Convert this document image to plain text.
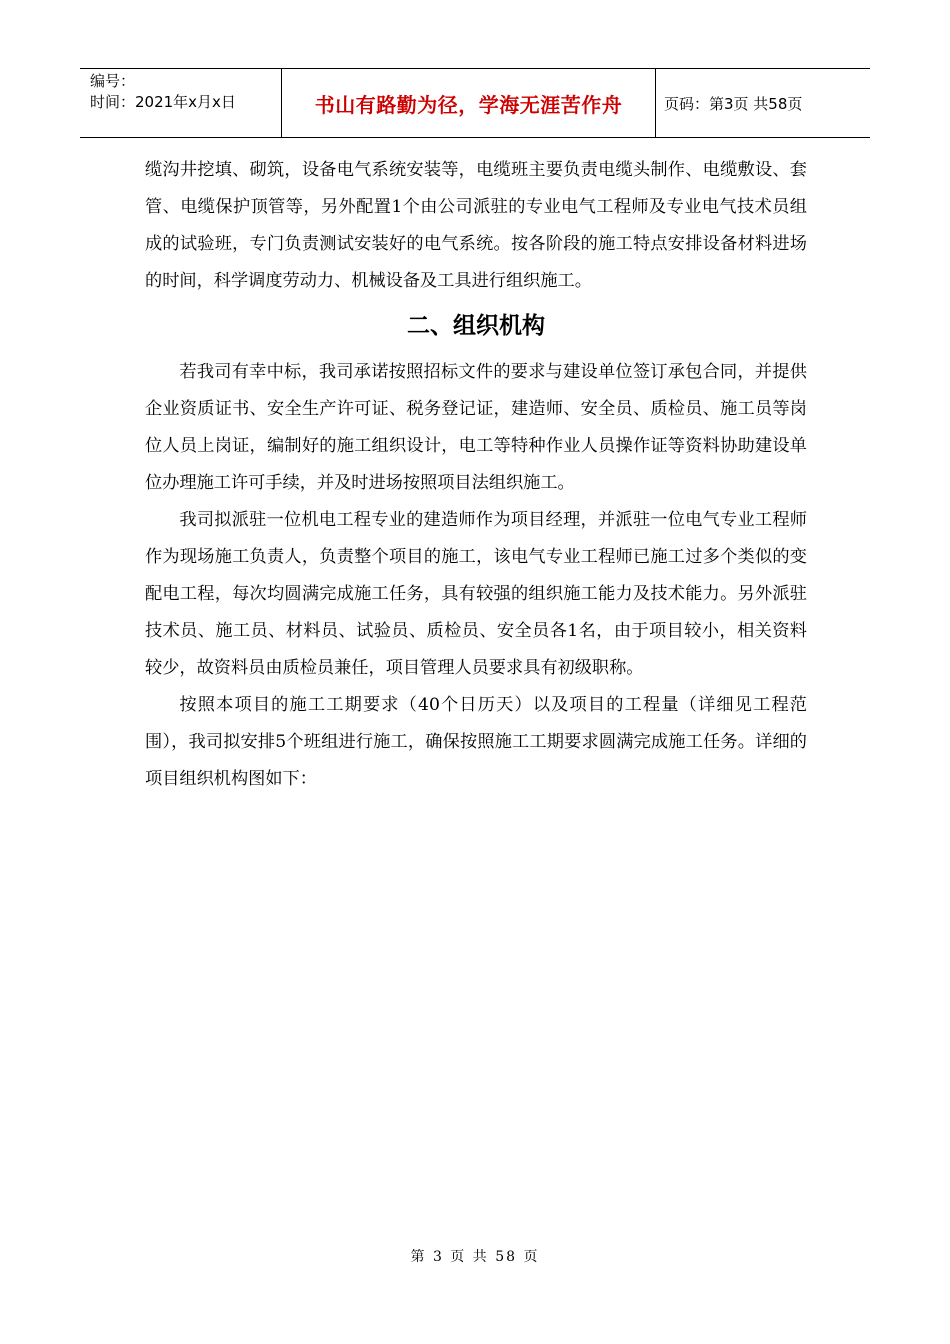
编号：
时间：2021年x月x日	书山有路勤为径，学海无涯苦作舟	页码：第3页 共58页

缆沟井挖填、砌筑，设备电气系统安装等，电缆班主要负责电缆头制作、电缆敷设、套管、电缆保护顶管等，另外配置1个由公司派驻的专业电气工程师及专业电气技术员组成的试验班，专门负责测试安装好的电气系统。按各阶段的施工特点安排设备材料进场的时间，科学调度劳动力、机械设备及工具进行组织施工。

二、组织机构

若我司有幸中标，我司承诺按照招标文件的要求与建设单位签订承包合同，并提供企业资质证书、安全生产许可证、税务登记证，建造师、安全员、质检员、施工员等岗位人员上岗证，编制好的施工组织设计，电工等特种作业人员操作证等资料协助建设单位办理施工许可手续，并及时进场按照项目法组织施工。

我司拟派驻一位机电工程专业的建造师作为项目经理，并派驻一位电气专业工程师作为现场施工负责人，负责整个项目的施工，该电气专业工程师已施工过多个类似的变配电工程，每次均圆满完成施工任务，具有较强的组织施工能力及技术能力。另外派驻技术员、施工员、材料员、试验员、质检员、安全员各1名，由于项目较小，相关资料较少，故资料员由质检员兼任，项目管理人员要求具有初级职称。

按照本项目的施工工期要求（40个日历天）以及项目的工程量（详细见工程范围），我司拟安排5个班组进行施工，确保按照施工工期要求圆满完成施工任务。详细的项目组织机构图如下：

第 3 页 共 58 页
